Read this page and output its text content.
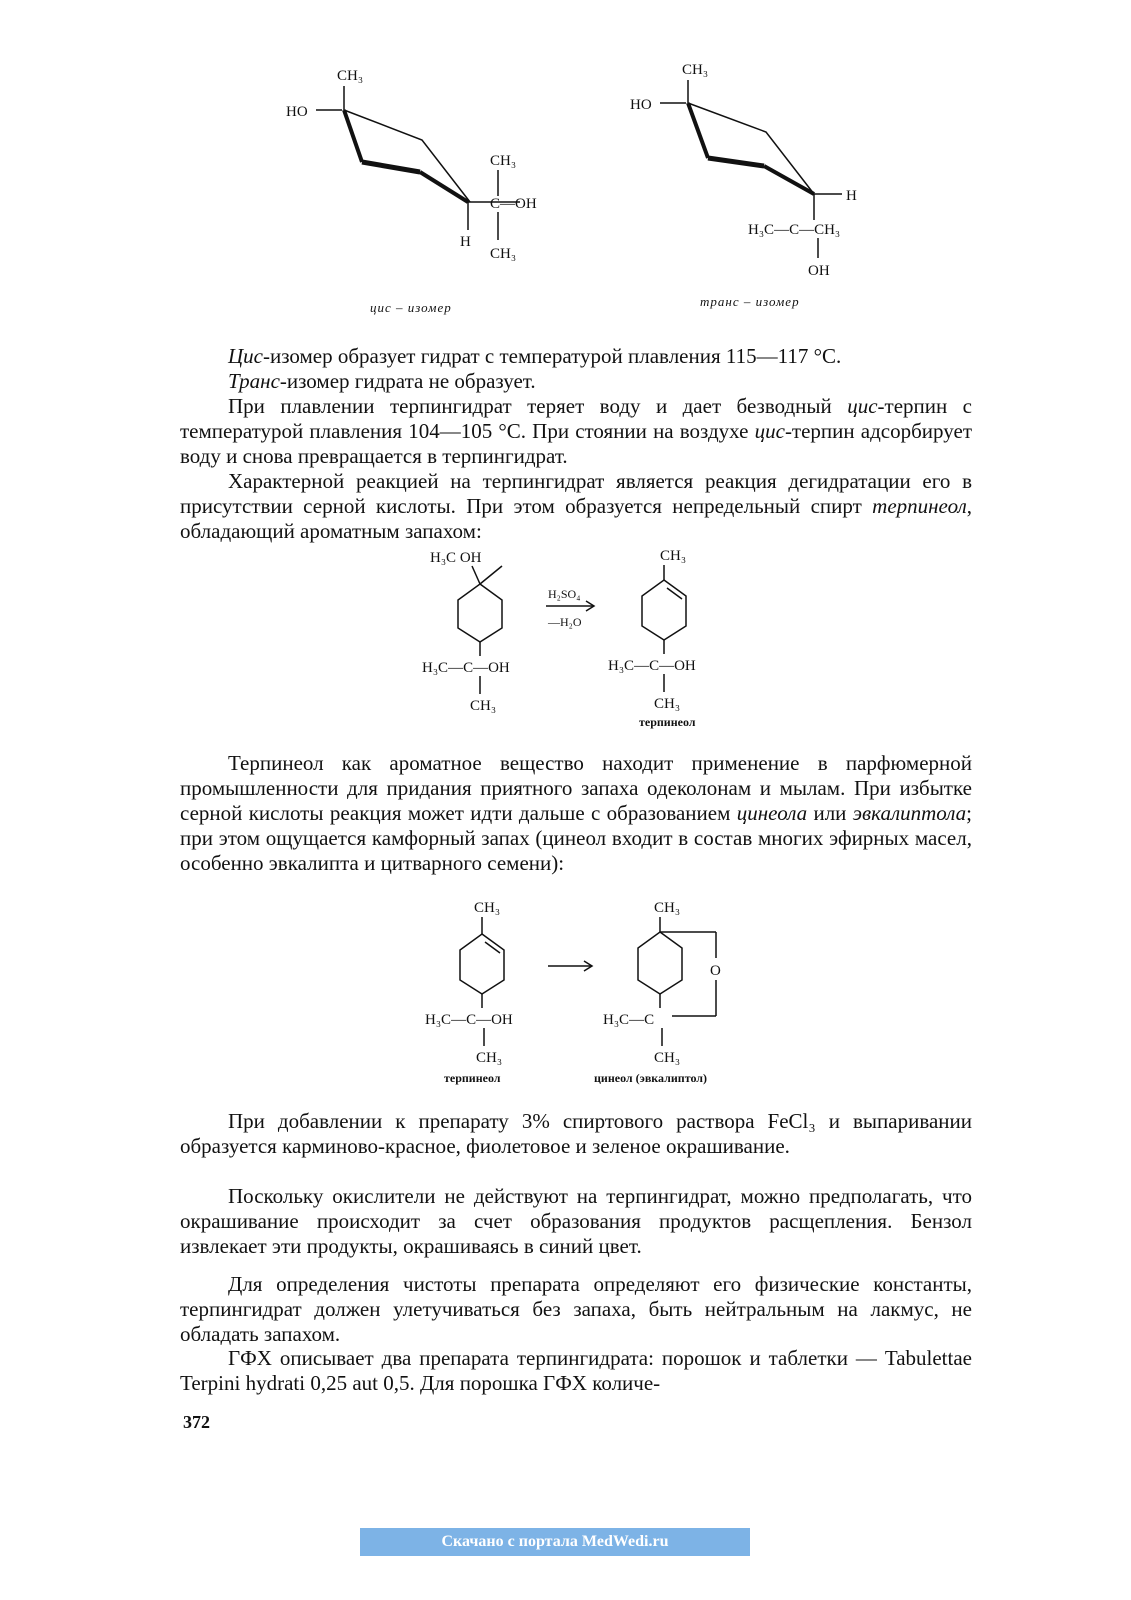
CH₃
HO
CH₃
C—OH
H
CH₃
цис – изомер
CH₃
HO
H
H₃C—C—CH₃
OH
транс – изомер

Цис-изомер образует гидрат с температурой плавления 115—117 °С.
Транс-изомер гидрата не образует.

При плавлении терпингидрат теряет воду и дает безводный цис-терпин с температурой плавления 104—105 °С. При стоянии на воздухе цис-терпин адсорбирует воду и снова превращается в терпингидрат.

Характерной реакцией на терпингидрат является реакция дегидратации его в присутствии серной кислоты. При этом образуется непредельный спирт терпинеол, обладающий ароматным запахом:

H₃C OH
H₃C—C—OH
CH₃
H₂SO₄
—H₂O
CH₃
H₃C—C—OH
CH₃
терпинеол

Терпинеол как ароматное вещество находит применение в парфюмерной промышленности для придания приятного запаха одеколонам и мылам. При избытке серной кислоты реакция может идти дальше с образованием цинеола или эвкалиптола; при этом ощущается камфорный запах (цинеол входит в состав многих эфирных масел, особенно эвкалипта и цитварного семени):

CH₃
H₃C—C—OH
CH₃
терпинеол
CH₃
O
H₃C—C
CH₃
цинеол (эвкалиптол)

При добавлении к препарату 3% спиртового раствора FeCl₃ и выпаривании образуется карминово-красное, фиолетовое и зеленое окрашивание.

Поскольку окислители не действуют на терпингидрат, можно предполагать, что окрашивание происходит за счет образования продуктов расщепления. Бензол извлекает эти продукты, окрашиваясь в синий цвет.

Для определения чистоты препарата определяют его физические константы, терпингидрат должен улетучиваться без запаха, быть нейтральным на лакмус, не обладать запахом.

ГФХ описывает два препарата терпингидрата: порошок и таблетки — Tabulettae Terpini hydrati 0,25 aut 0,5. Для порошка ГФХ количе-

372
Скачано с портала MedWedi.ru
